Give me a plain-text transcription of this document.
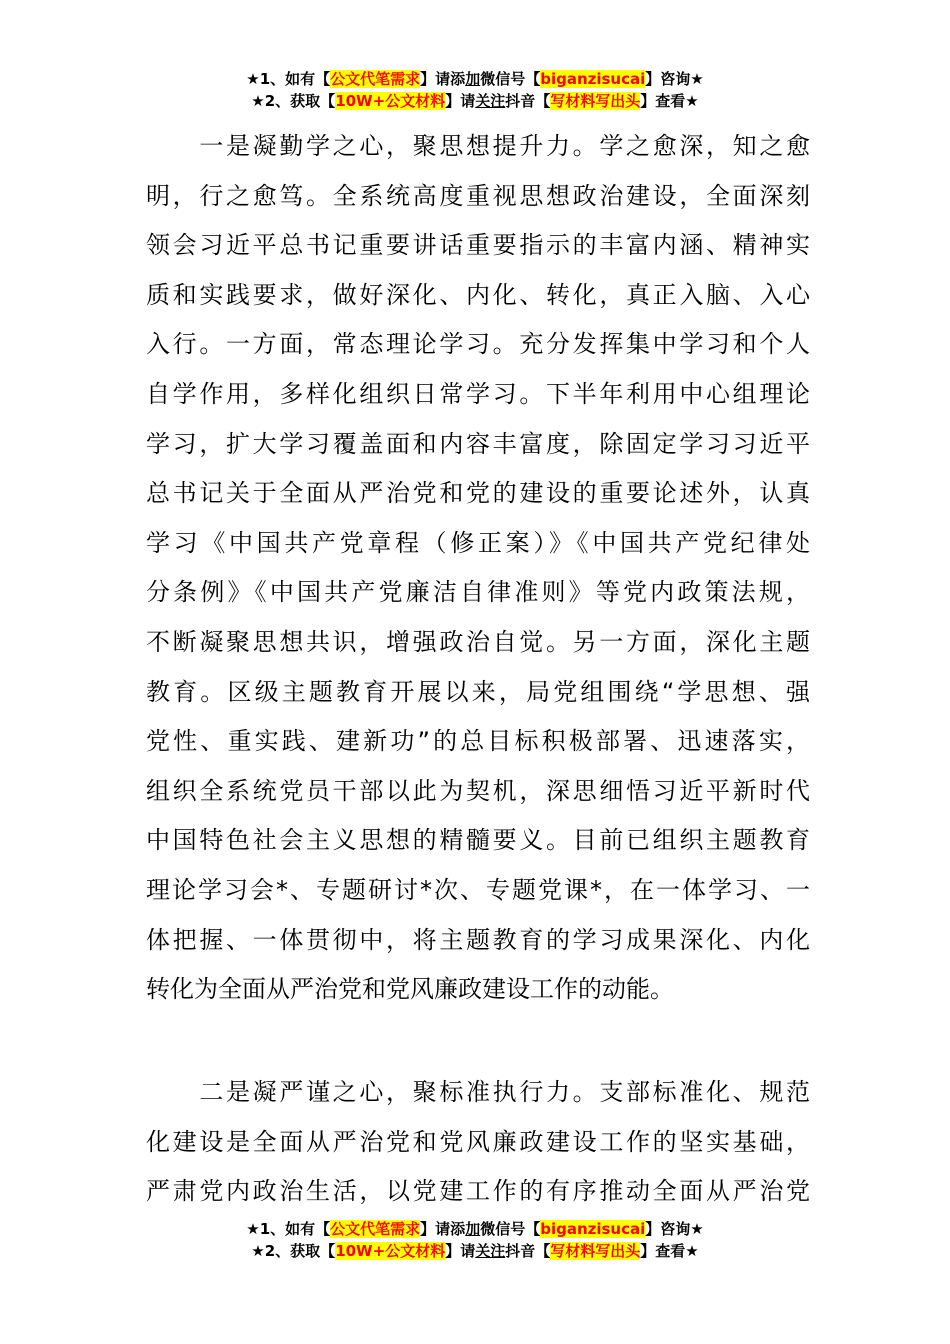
★1、如有【公文代笔需求】请添加微信号【biganzisucai】咨询★
★2、获取【10W+公文材料】请关注抖音【写材料写出头】查看★
　　一是凝勤学之心，聚思想提升力。学之愈深，知之愈
明，行之愈笃。全系统高度重视思想政治建设，全面深刻
领会习近平总书记重要讲话重要指示的丰富内涵、精神实
质和实践要求，做好深化、内化、转化，真正入脑、入心
入行。一方面，常态理论学习。充分发挥集中学习和个人
自学作用，多样化组织日常学习。下半年利用中心组理论
学习，扩大学习覆盖面和内容丰富度，除固定学习习近平
总书记关于全面从严治党和党的建设的重要论述外，认真
学习《中国共产党章程（修正案）》《中国共产党纪律处
分条例》《中国共产党廉洁自律准则》等党内政策法规，
不断凝聚思想共识，增强政治自觉。另一方面，深化主题
教育。区级主题教育开展以来，局党组围绕“学思想、强
党性、重实践、建新功”的总目标积极部署、迅速落实，
组织全系统党员干部以此为契机，深思细悟习近平新时代
中国特色社会主义思想的精髓要义。目前已组织主题教育
理论学习会*、专题研讨*次、专题党课*，在一体学习、一
体把握、一体贯彻中，将主题教育的学习成果深化、内化
转化为全面从严治党和党风廉政建设工作的动能。
　　二是凝严谨之心，聚标准执行力。支部标准化、规范
化建设是全面从严治党和党风廉政建设工作的坚实基础，
严肃党内政治生活，以党建工作的有序推动全面从严治党
★1、如有【公文代笔需求】请添加微信号【biganzisucai】咨询★
★2、获取【10W+公文材料】请关注抖音【写材料写出头】查看★
